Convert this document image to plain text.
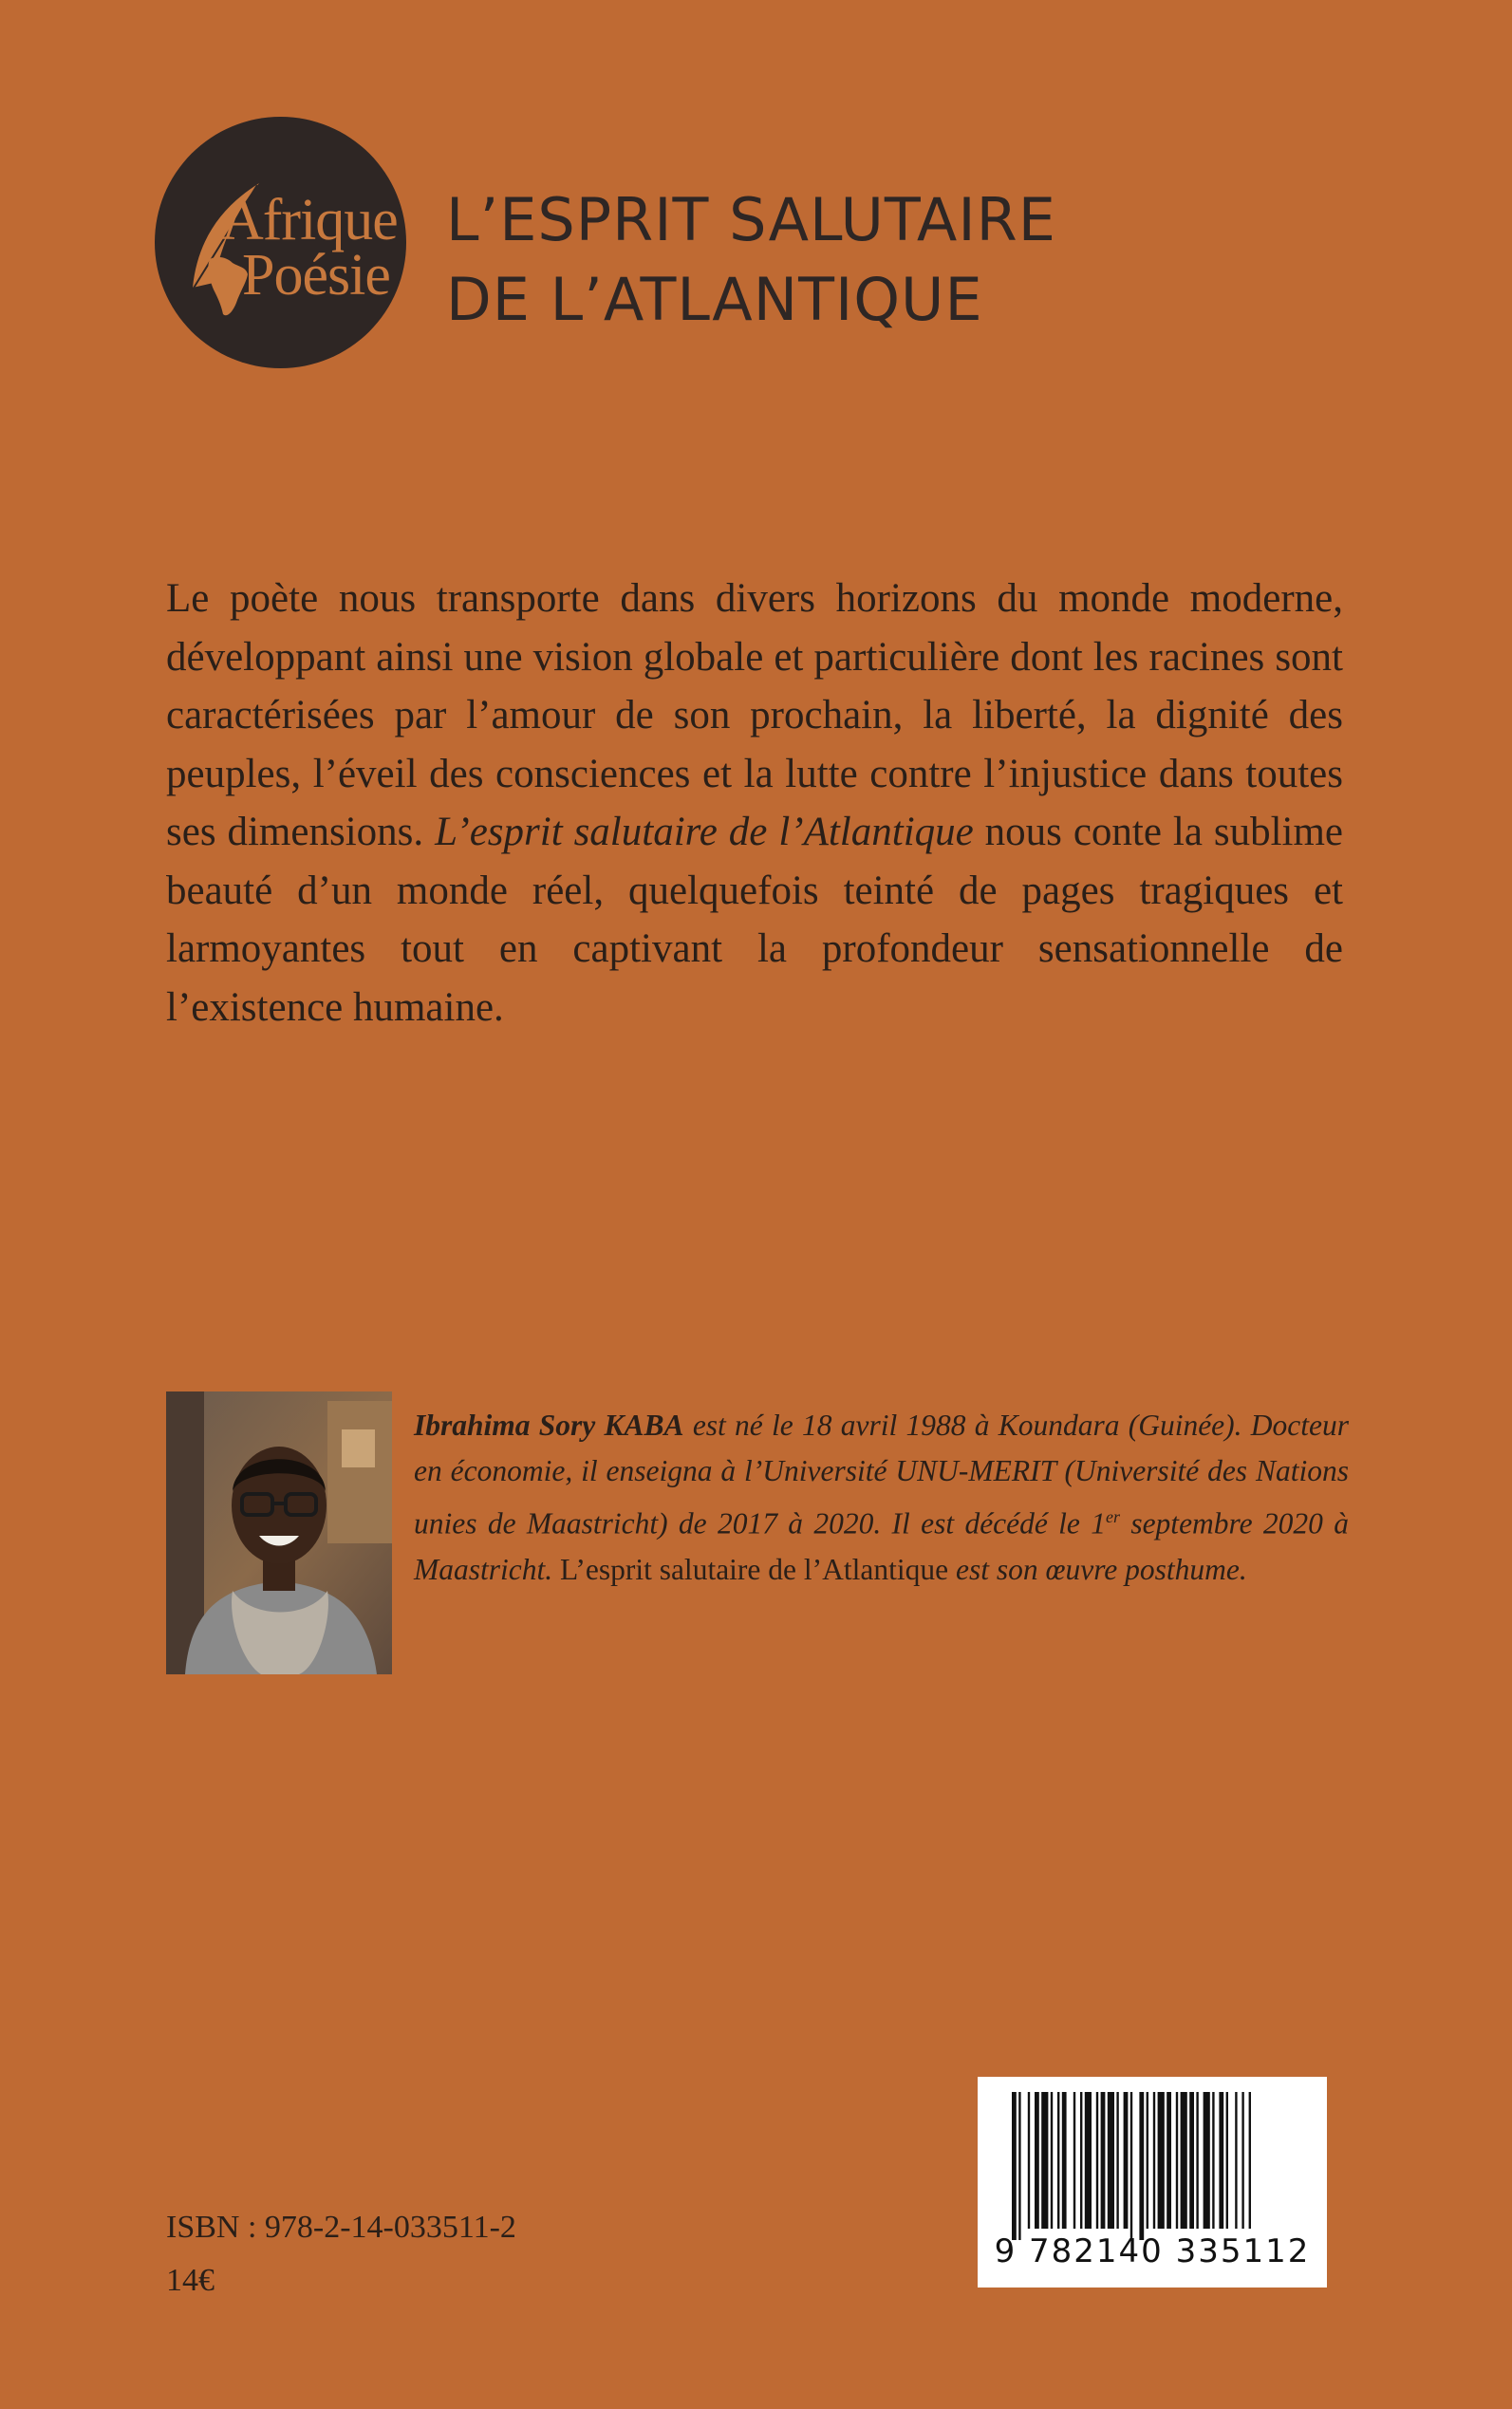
Afrique
Poésie
L’ESPRIT SALUTAIRE
DE L’ATLANTIQUE

Le poète nous transporte dans divers horizons du monde moderne, développant ainsi une vision globale et particulière dont les racines sont caractérisées par l’amour de son prochain, la liberté, la dignité des peuples, l’éveil des consciences et la lutte contre l’injustice dans toutes ses dimensions. L’esprit salutaire de l’Atlantique nous conte la sublime beauté d’un monde réel, quelquefois teinté de pages tragiques et larmoyantes tout en captivant la profondeur sensationnelle de l’existence humaine.

Ibrahima Sory KABA est né le 18 avril 1988 à Koundara (Guinée). Docteur en économie, il enseigna à l’Université UNU-MERIT (Université des Nations unies de Maastricht) de 2017 à 2020. Il est décédé le 1er septembre 2020 à Maastricht. L’esprit salutaire de l’Atlantique est son œuvre posthume.
ISBN : 978-2-14-033511-2
14€
9 782140 335112
